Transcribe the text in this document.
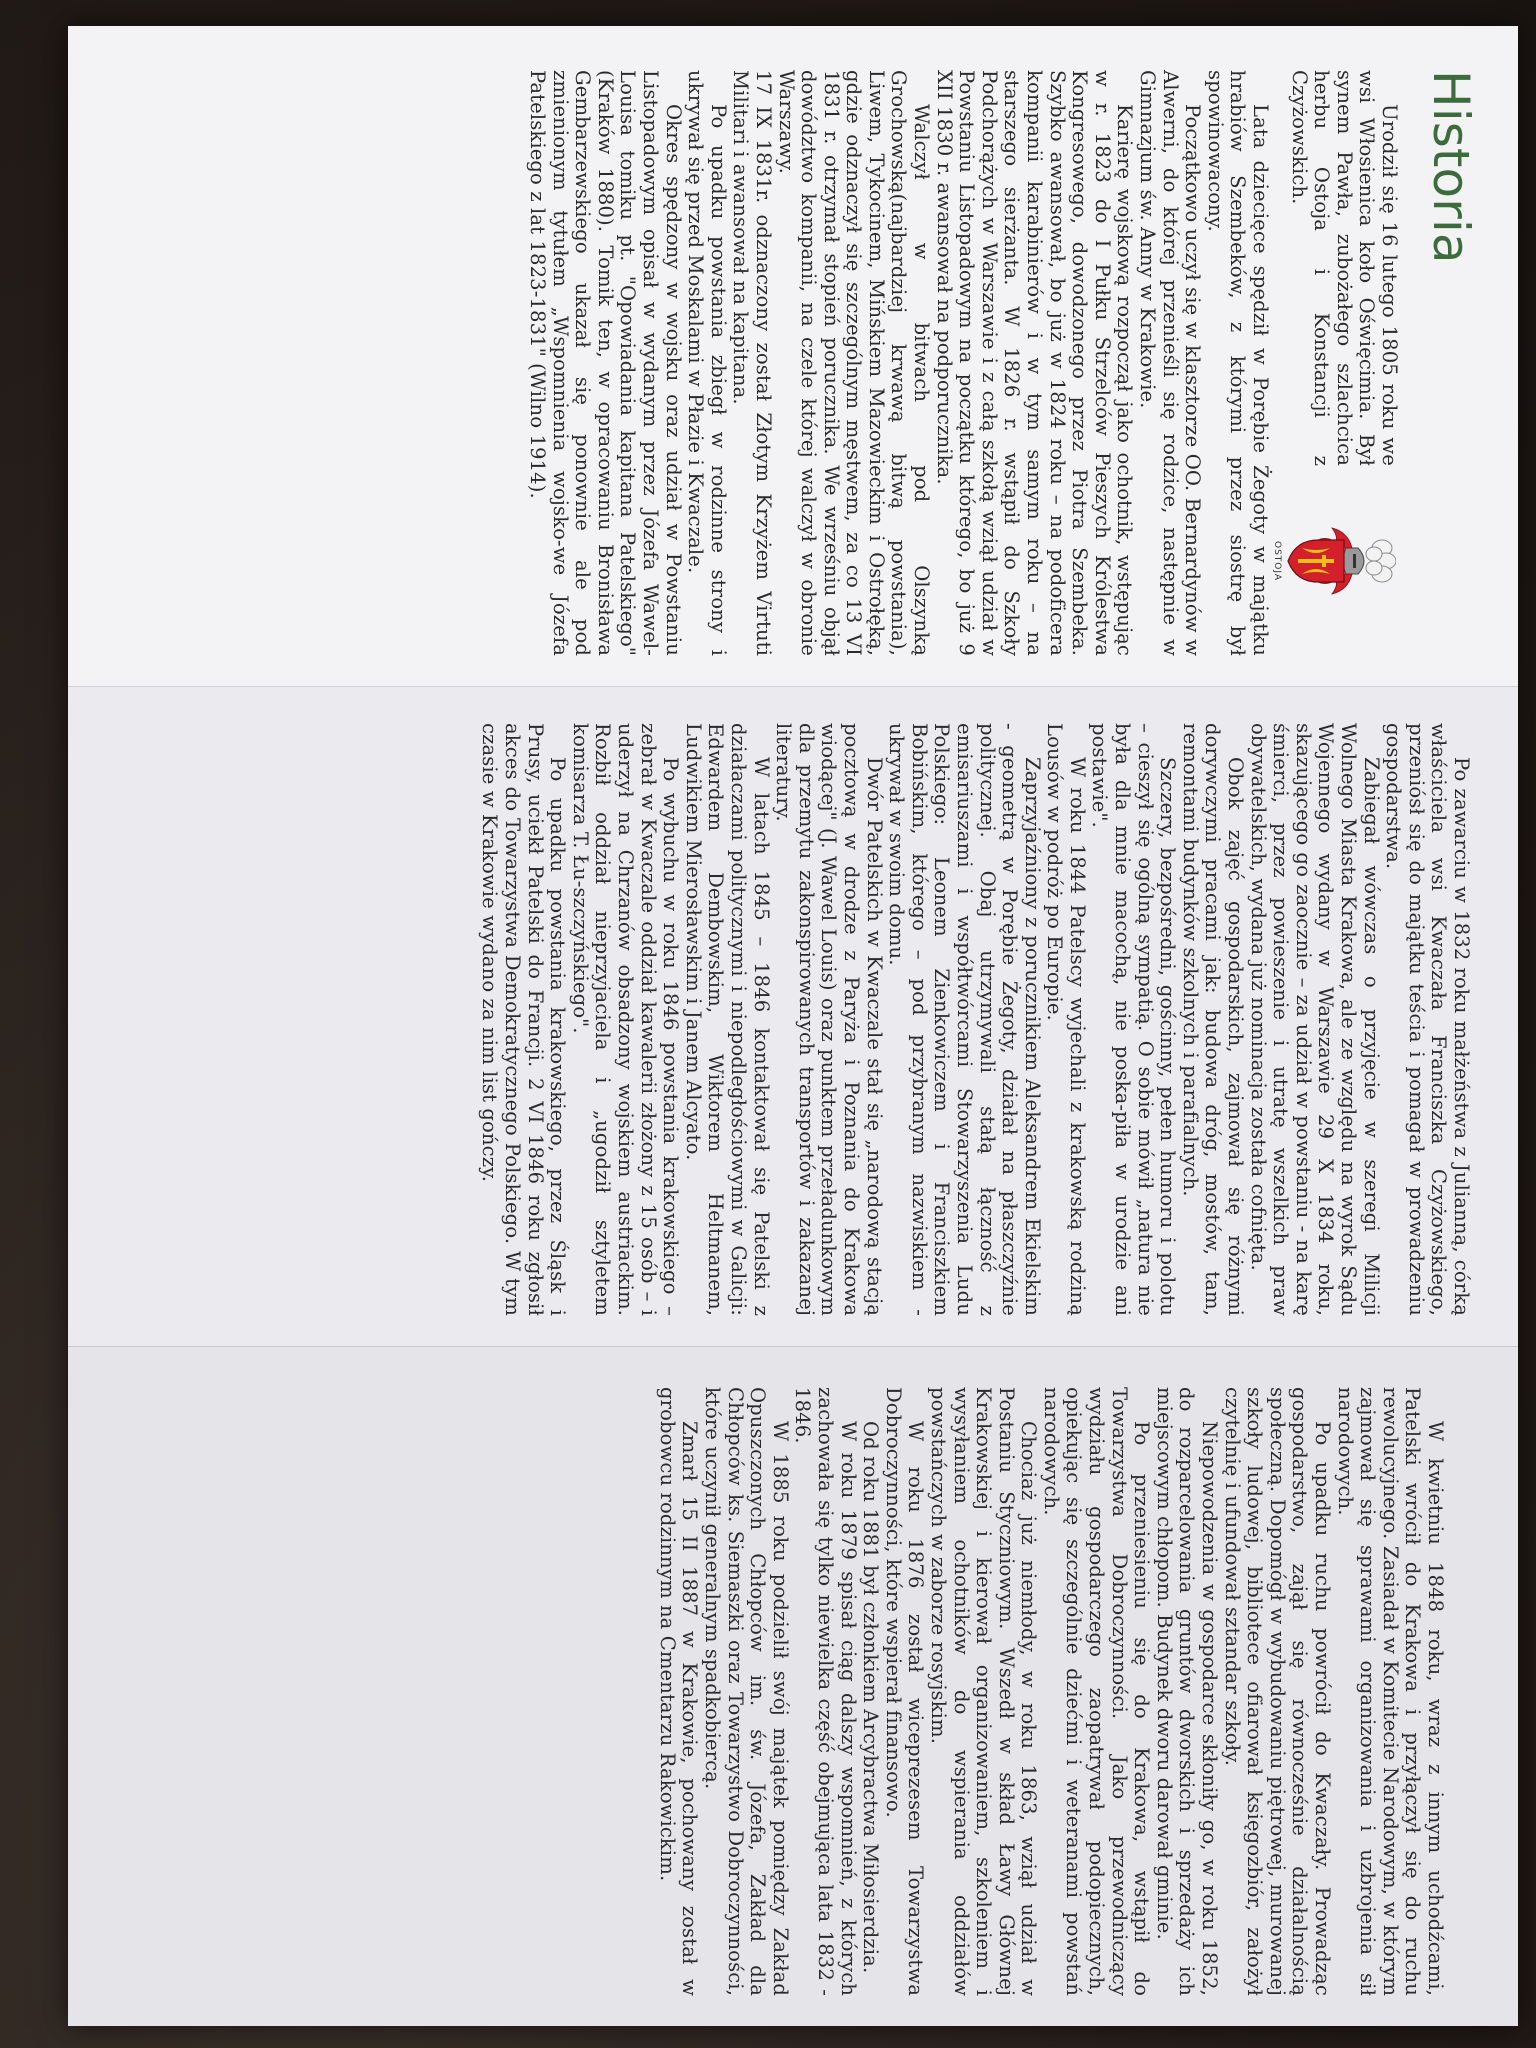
Historia

Urodził się 16 lutego 1805 roku we wsi Włosienica koło Oświęcimia. Był synem Pawła, zubożałego szlachcica herbu Ostoja i Konstancji z Czyżowskich.

OSTOJA

Lata dziecięce spędził w Porębie Żegoty w majątku hrabiów Szembeków, z którymi przez siostrę był spowinowacony.

Początkowo uczył się w klasztorze OO. Bernardynów w Alwerni, do której przenieśli się rodzice, następnie w Gimnazjum św. Anny w Krakowie.

Karierę wojskową rozpoczął jako ochotnik, wstępując w r. 1823 do I Pułku Strzelców Pieszych Królestwa Kongresowego, dowodzonego przez Piotra Szembeka. Szybko awansował, bo już w 1824 roku – na podoficera kompanii karabinierów i w tym samym roku – na starszego sierżanta. W 1826 r. wstąpił do Szkoły Podchorążych w Warszawie i z całą szkołą wziął udział w Powstaniu Listopadowym na początku którego, bo już 9 XII 1830 r. awansował na podporucznika.

Walczył w bitwach pod Olszynką Grochowską(najbardziej krwawą bitwą powstania), Liwem, Tykocinem, Mińskiem Mazowieckim i Ostrołęką, gdzie odznaczył się szczególnym męstwem, za co 13 VI 1831 r. otrzymał stopień porucznika. We wrześniu objął dowództwo kompanii, na czele której walczył w obronie Warszawy.

17 IX 1831r. odznaczony został Złotym Krzyżem Virtuti Militari i awansował na kapitana.

Po upadku powstania zbiegł w rodzinne strony i ukrywał się przed Moskalami w Płazie i Kwaczale.

Okres spędzony w wojsku oraz udział w Powstaniu Listopadowym opisał w wydanym przez Józefa Wawel-Louisa tomiku pt. "Opowiadania kapitana Patelskiego" (Kraków 1880). Tomik ten, w opracowaniu Bronisława Gembarzewskiego ukazał się ponownie ale pod zmienionym tytułem „Wspomnienia wojsko-we Józefa Patelskiego z lat 1823-1831" (Wilno 1914).

Po zawarciu w 1832 roku małżeństwa z Julianną, córką właściciela wsi Kwaczała Franciszka Czyżowskiego, przeniósł się do majątku teścia i pomagał w prowadzeniu gospodarstwa.

Zabiegał wówczas o przyjęcie w szeregi Milicji Wolnego Miasta Krakowa, ale ze względu na wyrok Sądu Wojennego wydany w Warszawie 29 X 1834 roku, skazującego go zaocznie – za udział w powstaniu - na karę śmierci, przez powieszenie i utratę wszelkich praw obywatelskich, wydana już nominacja została cofnięta.

Obok zajęć gospodarskich, zajmował się różnymi dorywczymi pracami jak: budowa dróg, mostów, tam, remontami budynków szkolnych i parafialnych.

Szczery, bezpośredni, gościnny, pełen humoru i polotu – cieszył się ogólną sympatią. O sobie mówił „natura nie była dla mnie macochą, nie poska-piła w urodzie ani postawie".

W roku 1844 Patelscy wyjechali z krakowską rodziną Lousów w podróż po Europie.

Zaprzyjaźniony z porucznikiem Aleksandrem Ekielskim - geometrą w Porębie Żegoty, działał na płaszczyźnie politycznej. Obaj utrzymywali stałą łączność z emisariuszami i współtwórcami Stowarzyszenia Ludu Polskiego: Leonem Zienkowiczem i Franciszkiem Bobińskim, którego – pod przybranym nazwiskiem - ukrywał w swoim domu.

Dwór Patelskich w Kwaczale stał się „narodową stacją pocztową w drodze z Paryża i Poznania do Krakowa wiodącej" (J. Wawel Louis) oraz punktem przeładunkowym dla przemytu zakonspirowanych transportów i zakazanej literatury.

W latach 1845 – 1846 kontaktował się Patelski z działaczami politycznymi i niepodległościowymi w Galicji: Edwardem Dembowskim, Wiktorem Heltmanem, Ludwikiem Mierosławskim i Janem Alcyato.

Po wybuchu w roku 1846 powstania krakowskiego – zebrał w Kwaczale oddział kawalerii złożony z 15 osób – i uderzył na Chrzanów obsadzony wojskiem austriackim. Rozbił oddział nieprzyjaciela i „ugodził sztyletem komisarza T. Łu-szczyńskiego".

Po upadku powstania krakowskiego, przez Śląsk i Prusy, uciekł Patelski do Francji. 2 VI 1846 roku zgłosił akces do Towarzystwa Demokratycznego Polskiego. W tym czasie w Krakowie wydano za nim list gończy.

W kwietniu 1848 roku, wraz z innym uchodźcami, Patelski wrócił do Krakowa i przyłączył się do ruchu rewolucyjnego. Zasiadał w Komitecie Narodowym, w którym zajmował się sprawami organizowania i uzbrojenia sił narodowych.

Po upadku ruchu powrócił do Kwaczały. Prowadząc gospodarstwo, zajął się równocześnie działalnością społeczną. Dopomógł w wybudowaniu piętrowej, murowanej szkoły ludowej, bibliotece ofiarował księgozbiór, założył czytelnię i ufundował sztandar szkoły.

Niepowodzenia w gospodarce skłoniły go, w roku 1852, do rozparcelowania gruntów dworskich i sprzedaży ich miejscowym chłopom. Budynek dworu darował gminie.

Po przeniesieniu się do Krakowa, wstąpił do Towarzystwa Dobroczynności. Jako przewodniczący wydziału gospodarczego zaopatrywał podopiecznych, opiekując się szczególnie dziećmi i weteranami powstań narodowych.

Chociaż już niemłody, w roku 1863, wziął udział w Postaniu Styczniowym. Wszedł w skład Ławy Głównej Krakowskiej i kierował organizowaniem, szkoleniem i wysyłaniem ochotników do wspierania oddziałów powstańczych w zaborze rosyjskim.

W roku 1876 został wiceprezesem Towarzystwa Dobroczynności, które wspierał finansowo.

Od roku 1881 był członkiem Arcybractwa Miłosierdzia.

W roku 1879 spisał ciąg dalszy wspomnień, z których zachowała się tylko niewielka część obejmująca lata 1832 - 1846.

W 1885 roku podzielił swój majątek pomiędzy Zakład Opuszczonych Chłopców im. św. Józefa, Zakład dla Chłopców ks. Siemaszki oraz Towarzystwo Dobroczynności, które uczynił generalnym spadkobiercą.

Zmarł 15 II 1887 w Krakowie, pochowany został w grobowcu rodzinnym na Cmentarzu Rakowickim.
